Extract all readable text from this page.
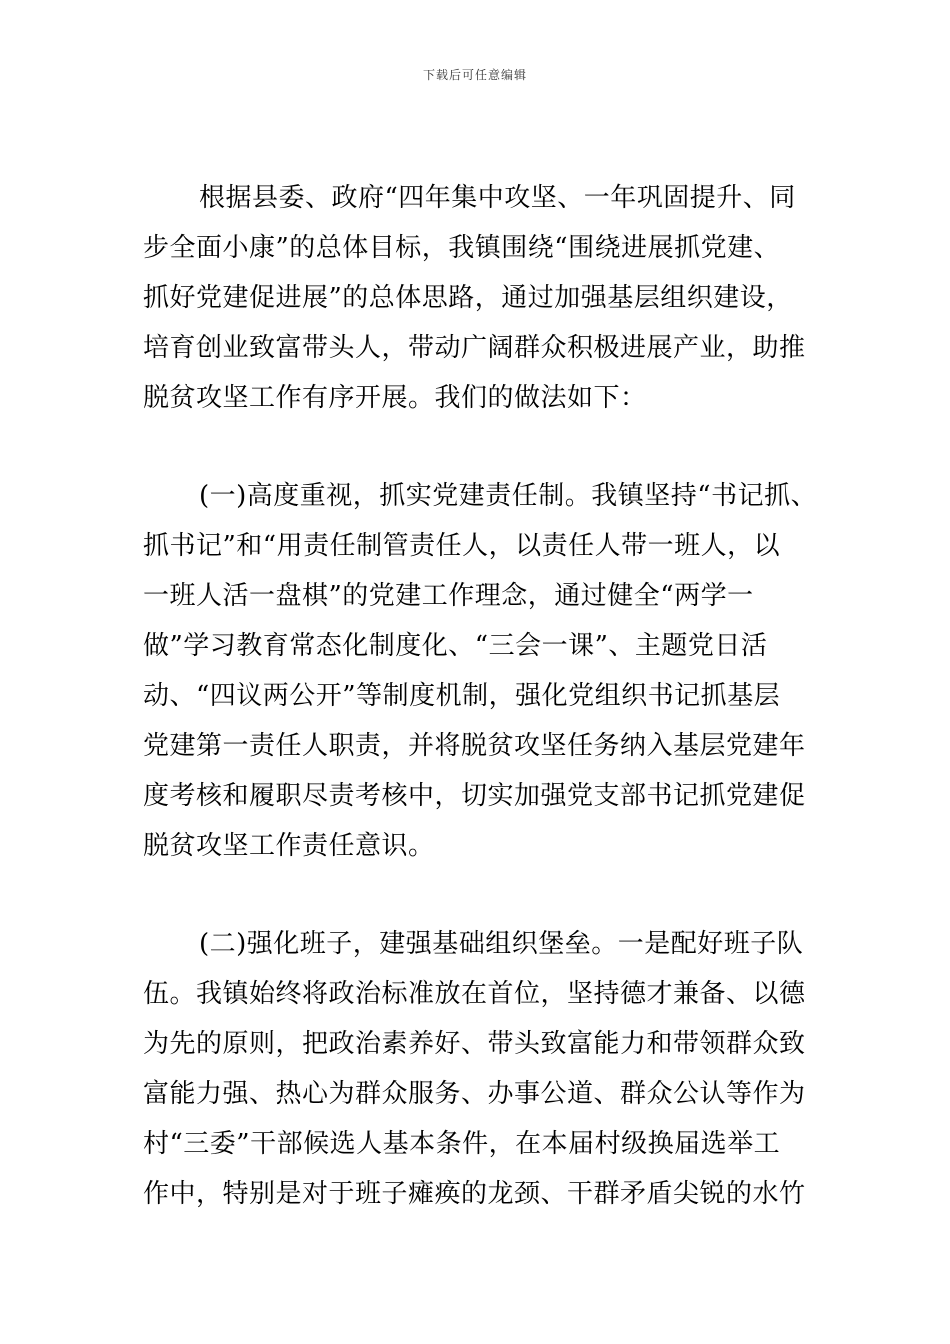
下载后可任意编辑
根据县委、政府“四年集中攻坚、一年巩固提升、同
步全面小康”的总体目标，我镇围绕“围绕进展抓党建、
抓好党建促进展”的总体思路，通过加强基层组织建设，
培育创业致富带头人，带动广阔群众积极进展产业，助推
脱贫攻坚工作有序开展。我们的做法如下：
(一)高度重视，抓实党建责任制。我镇坚持“书记抓、
抓书记”和“用责任制管责任人，以责任人带一班人，以
一班人活一盘棋”的党建工作理念，通过健全“两学一
做”学习教育常态化制度化、“三会一课”、主题党日活
动、“四议两公开”等制度机制，强化党组织书记抓基层
党建第一责任人职责，并将脱贫攻坚任务纳入基层党建年
度考核和履职尽责考核中，切实加强党支部书记抓党建促
脱贫攻坚工作责任意识。
(二)强化班子，建强基础组织堡垒。一是配好班子队
伍。我镇始终将政治标准放在首位，坚持德才兼备、以德
为先的原则，把政治素养好、带头致富能力和带领群众致
富能力强、热心为群众服务、办事公道、群众公认等作为
村“三委”干部候选人基本条件，在本届村级换届选举工
作中，特别是对于班子瘫痪的龙颈、干群矛盾尖锐的水竹
